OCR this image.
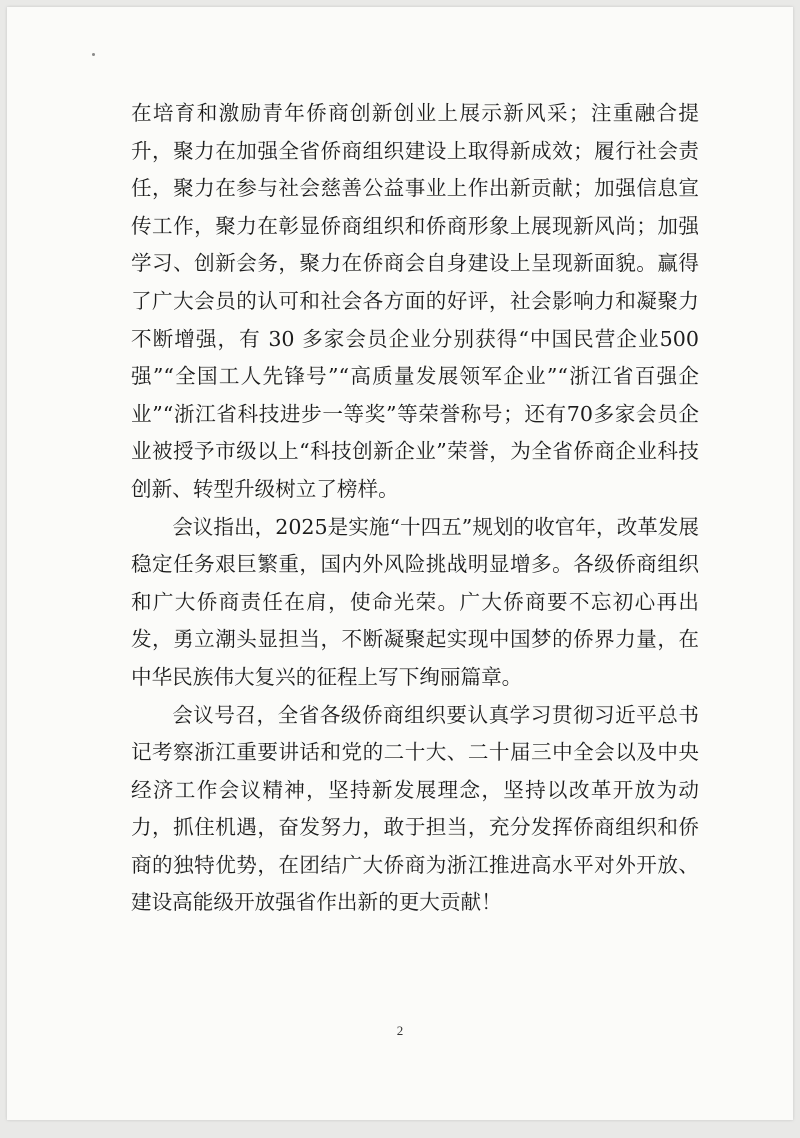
在培育和激励青年侨商创新创业上展示新风采；注重融合提升，聚力在加强全省侨商组织建设上取得新成效；履行社会责任，聚力在参与社会慈善公益事业上作出新贡献；加强信息宣传工作，聚力在彰显侨商组织和侨商形象上展现新风尚；加强学习、创新会务，聚力在侨商会自身建设上呈现新面貌。赢得了广大会员的认可和社会各方面的好评，社会影响力和凝聚力不断增强，有 30 多家会员企业分别获得“中国民营企业500强”“全国工人先锋号”“高质量发展领军企业”“浙江省百强企业”“浙江省科技进步一等奖”等荣誉称号；还有70多家会员企业被授予市级以上“科技创新企业”荣誉，为全省侨商企业科技创新、转型升级树立了榜样。

会议指出，2025是实施“十四五”规划的收官年，改革发展稳定任务艰巨繁重，国内外风险挑战明显增多。各级侨商组织和广大侨商责任在肩，使命光荣。广大侨商要不忘初心再出发，勇立潮头显担当，不断凝聚起实现中国梦的侨界力量，在中华民族伟大复兴的征程上写下绚丽篇章。

会议号召，全省各级侨商组织要认真学习贯彻习近平总书记考察浙江重要讲话和党的二十大、二十届三中全会以及中央经济工作会议精神，坚持新发展理念，坚持以改革开放为动力，抓住机遇，奋发努力，敢于担当，充分发挥侨商组织和侨商的独特优势，在团结广大侨商为浙江推进高水平对外开放、建设高能级开放强省作出新的更大贡献！

2
